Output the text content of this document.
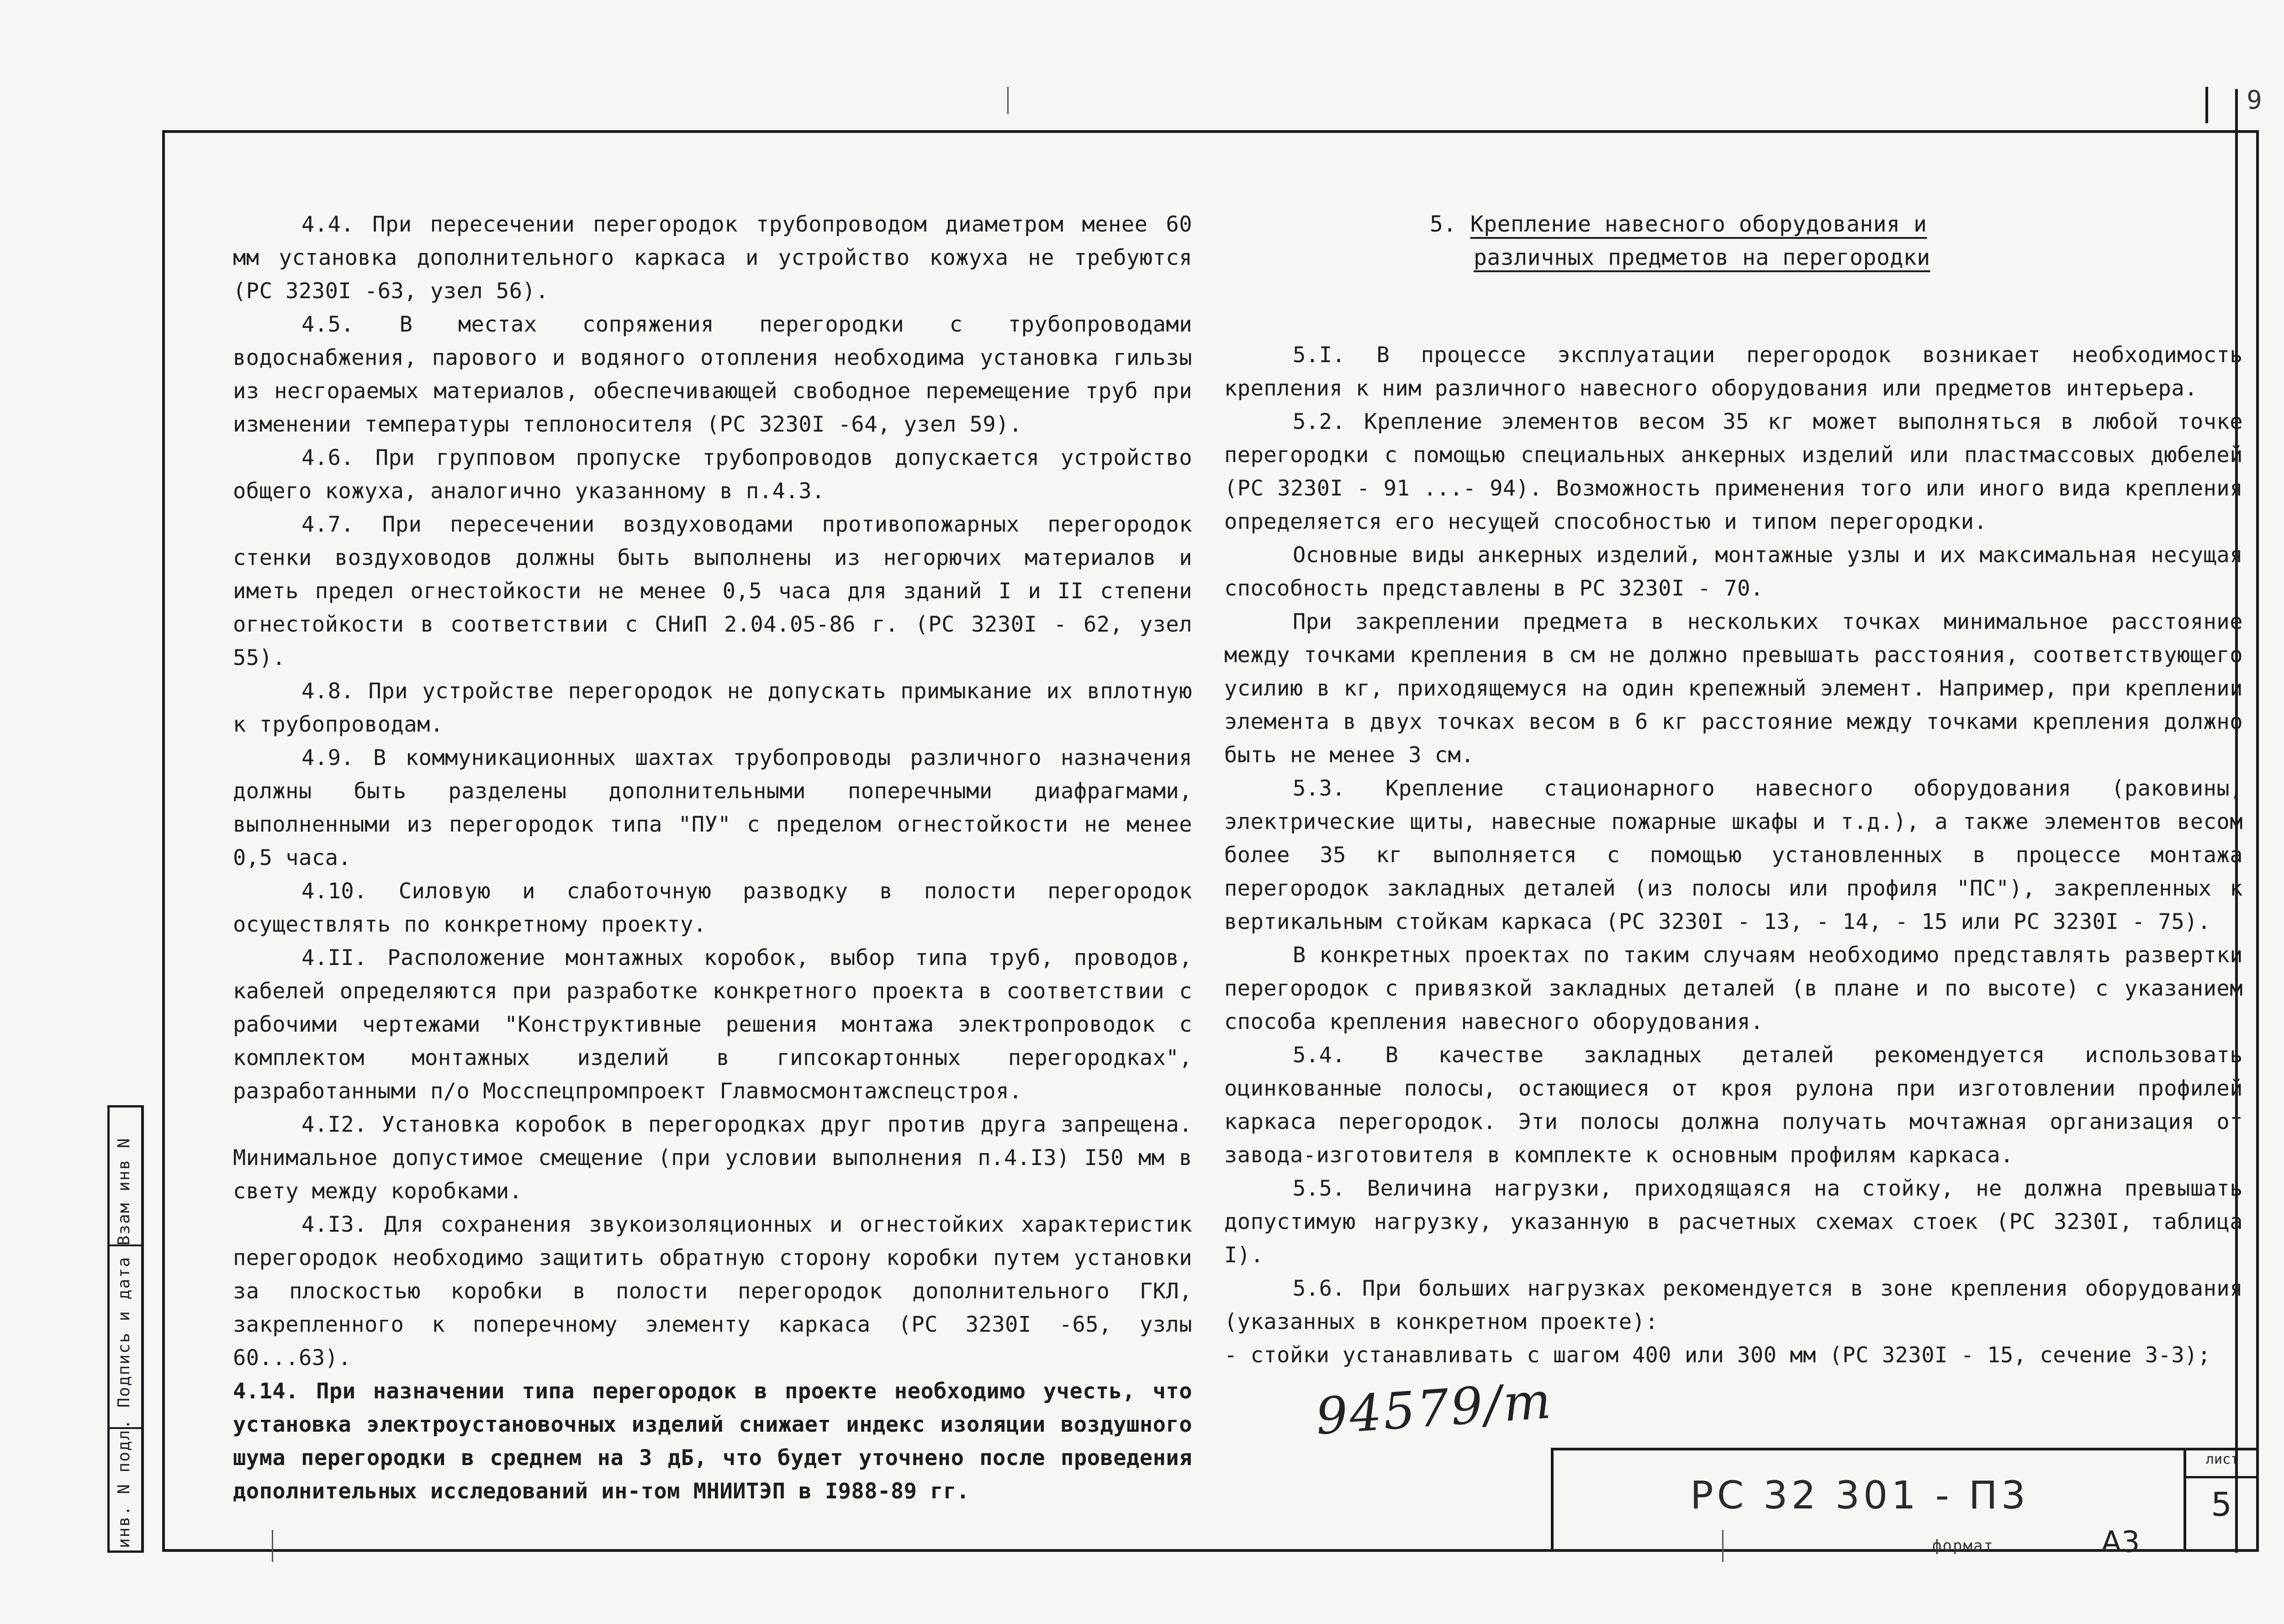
9
инв. N подл. Подпись и дата Взам инв N

4.4. При пересечении перегородок трубопроводом диаметром менее 60 мм установка дополнительного каркаса и устройство кожуха не требуются (РС 3230I -63, узел 56).

4.5. В местах сопряжения перегородки с трубопроводами водоснабжения, парового и водяного отопления необходима установка гильзы из несгораемых материалов, обеспечивающей свободное перемещение труб при изменении температуры теплоносителя (РС 3230I -64, узел 59).

4.6. При групповом пропуске трубопроводов допускается устройство общего кожуха, аналогично указанному в п.4.3.

4.7. При пересечении воздуховодами противопожарных перегородок стенки воздуховодов должны быть выполнены из негорючих материалов и иметь предел огнестойкости не менее 0,5 часа для зданий I и II степени огнестойкости в соответствии с СНиП 2.04.05-86 г. (РС 3230I - 62, узел 55).

4.8. При устройстве перегородок не допускать примыкание их вплотную к трубопроводам.

4.9. В коммуникационных шахтах трубопроводы различного назначения должны быть разделены дополнительными поперечными диафрагмами, выполненными из перегородок типа "ПУ" с пределом огнестойкости не менее 0,5 часа.

4.10. Силовую и слаботочную разводку в полости перегородок осуществлять по конкретному проекту.

4.II. Расположение монтажных коробок, выбор типа труб, проводов, кабелей определяются при разработке конкретного проекта в соответствии с рабочими чертежами "Конструктивные решения монтажа электропроводок с комплектом монтажных изделий в гипсокартонных перегородках", разработанными п/о Мосспецпромпроект Главмосмонтажспецстроя.

4.I2. Установка коробок в перегородках друг против друга запрещена. Минимальное допустимое смещение (при условии выполнения п.4.I3) I50 мм в свету между коробками.

4.I3. Для сохранения звукоизоляционных и огнестойких характеристик перегородок необходимо защитить обратную сторону коробки путем установки за плоскостью коробки в полости перегородок дополнительного ГКЛ, закрепленного к поперечному элементу каркаса (РС 3230I -65, узлы 60...63).

4.14. При назначении типа перегородок в проекте необходимо учесть, что установка электроустановочных изделий снижает индекс изоляции воздушного шума перегородки в среднем на 3 дБ, что будет уточнено после проведения дополнительных исследований ин-том МНИИТЭП в I988-89 гг.

5. Крепление навесного оборудования и
различных предметов на перегородки

5.I. В процессе эксплуатации перегородок возникает необходимость крепления к ним различного навесного оборудования или предметов интерьера.

5.2. Крепление элементов весом 35 кг может выполняться в любой точке перегородки с помощью специальных анкерных изделий или пластмассовых дюбелей (РС 3230I - 91 ...- 94). Возможность применения того или иного вида крепления определяется его несущей способностью и типом перегородки.

Основные виды анкерных изделий, монтажные узлы и их максимальная несущая способность представлены в РС 3230I - 70.

При закреплении предмета в нескольких точках минимальное расстояние между точками крепления в см не должно превышать расстояния, соответствующего усилию в кг, приходящемуся на один крепежный элемент. Например, при креплении элемента в двух точках весом в 6 кг расстояние между точками крепления должно быть не менее 3 см.

5.3. Крепление стационарного навесного оборудования (раковины, электрические щиты, навесные пожарные шкафы и т.д.), а также элементов весом более 35 кг выполняется с помощью установленных в процессе монтажа перегородок закладных деталей (из полосы или профиля "ПС"), закрепленных к вертикальным стойкам каркаса (РС 3230I - 13, - 14, - 15 или РС 3230I - 75).

В конкретных проектах по таким случаям необходимо представлять развертки перегородок с привязкой закладных деталей (в плане и по высоте) с указанием способа крепления навесного оборудования.

5.4. В качестве закладных деталей рекомендуется использовать оцинкованные полосы, остающиеся от кроя рулона при изготовлении профилей каркаса перегородок. Эти полосы должна получать мочтажная организация от завода-изготовителя в комплекте к основным профилям каркаса.

5.5. Величина нагрузки, приходящаяся на стойку, не должна превышать допустимую нагрузку, указанную в расчетных схемах стоек (РС 3230I, таблица I).

5.6. При больших нагрузках рекомендуется в зоне крепления оборудования (указанных в конкретном проекте):

- стойки устанавливать с шагом 400 или 300 мм (РС 3230I - 15, сечение 3-3);

94579/т
РС 32 301 - П3
лист
5
формат	А3
